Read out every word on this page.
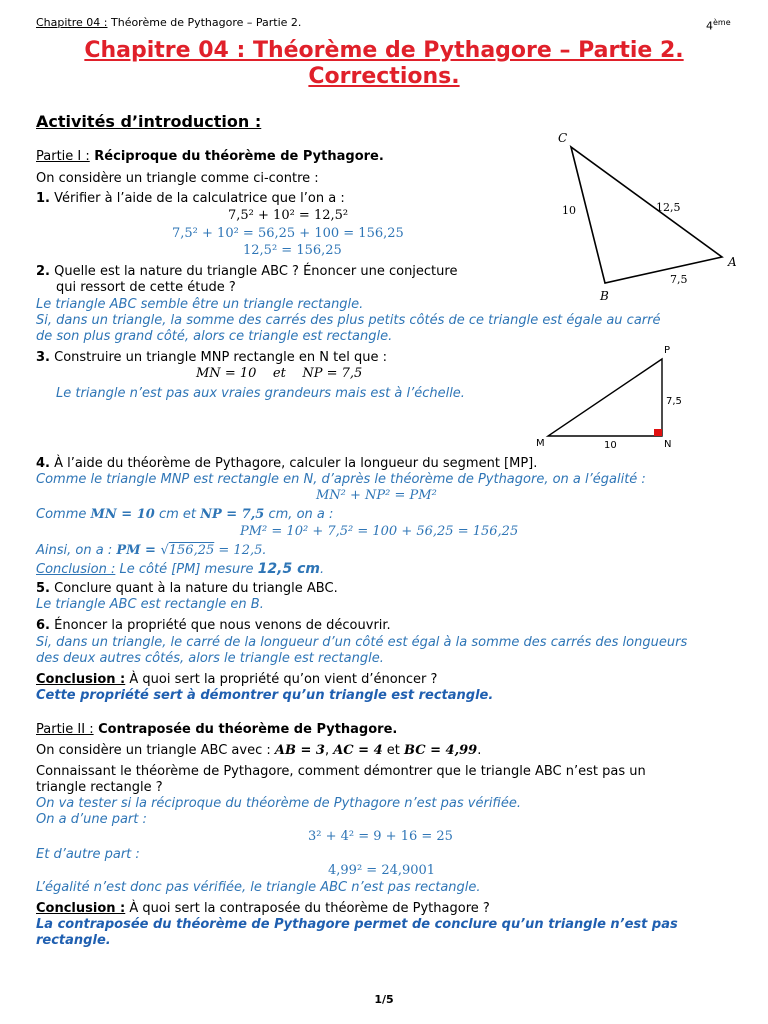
Chapitre 04 : Théorème de Pythagore – Partie 2.	4ème
Chapitre 04 : Théorème de Pythagore – Partie 2.
Corrections.
Activités d’introduction :
Partie I : Réciproque du théorème de Pythagore.
On considère un triangle comme ci-contre :
1. Vérifier à l’aide de la calculatrice que l’on a :
7,5² + 10² = 12,5²
7,5² + 10² = 56,25 + 100 = 156,25
12,5² = 156,25
2. Quelle est la nature du triangle ABC ? Énoncer une conjecture
qui ressort de cette étude ?
Le triangle ABC semble être un triangle rectangle.
Si, dans un triangle, la somme des carrés des plus petits côtés de ce triangle est égale au carré
de son plus grand côté, alors ce triangle est rectangle.
3. Construire un triangle MNP rectangle en N tel que :
MN = 10    et    NP = 7,5
Le triangle n’est pas aux vraies grandeurs mais est à l’échelle.
4. À l’aide du théorème de Pythagore, calculer la longueur du segment [MP].
Comme le triangle MNP est rectangle en N, d’après le théorème de Pythagore, on a l’égalité :
MN² + NP² = PM²
Comme MN = 10 cm et NP = 7,5 cm, on a :
PM² = 10² + 7,5² = 100 + 56,25 = 156,25
Ainsi, on a : PM = √156,25 = 12,5.
Conclusion : Le côté [PM] mesure 12,5 cm.
5. Conclure quant à la nature du triangle ABC.
Le triangle ABC est rectangle en B.
6. Énoncer la propriété que nous venons de découvrir.
Si, dans un triangle, le carré de la longueur d’un côté est égal à la somme des carrés des longueurs
des deux autres côtés, alors le triangle est rectangle.
Conclusion : À quoi sert la propriété qu’on vient d’énoncer ?
Cette propriété sert à démontrer qu’un triangle est rectangle.
Partie II : Contraposée du théorème de Pythagore.
On considère un triangle ABC avec : AB = 3, AC = 4 et BC = 4,99.
Connaissant le théorème de Pythagore, comment démontrer que le triangle ABC n’est pas un
triangle rectangle ?
On va tester si la réciproque du théorème de Pythagore n’est pas vérifiée.
On a d’une part :
3² + 4² = 9 + 16 = 25
Et d’autre part :
4,99² = 24,9001
L’égalité n’est donc pas vérifiée, le triangle ABC n’est pas rectangle.
Conclusion : À quoi sert la contraposée du théorème de Pythagore ?
La contraposée du théorème de Pythagore permet de conclure qu’un triangle n’est pas
rectangle.
1/5
C
A
B
10	12,5
7,5
P
M	N
10
7,5
